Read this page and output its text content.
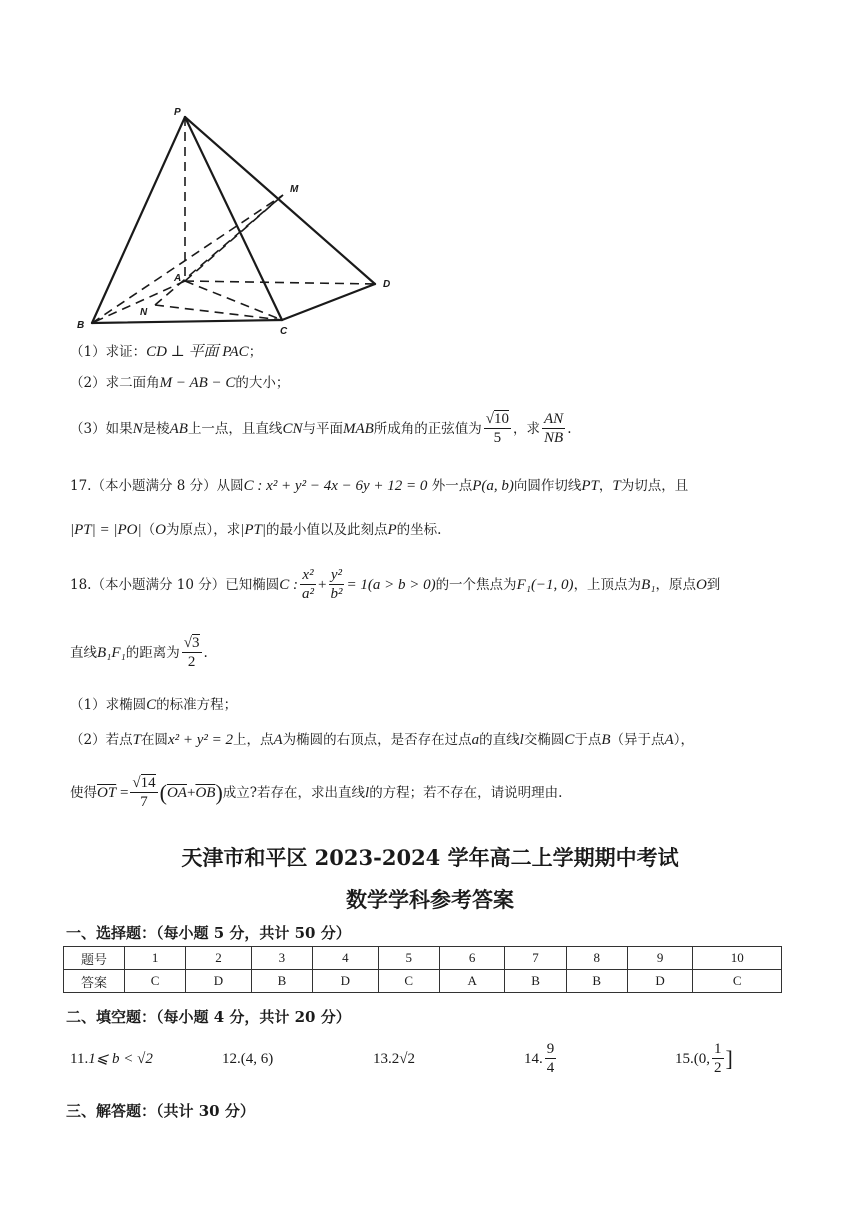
P
M
A
D
B
N
C
（1）求证：CD ⊥ 平面 PAC；
（2）求二面角M − AB − C的大小；
（3）如果 N 是棱 AB 上一点，且直线 CN 与平面 MAB 所成角的正弦值为 $\frac{√10}{5}$ ，求 $\frac{AN}{NB}$ .
17.（本小题满分 8 分）从圆C : x² + y² − 4x − 6y + 12 = 0 外一点P(a, b)向圆作切线PT，T为切点，且
|PT| = |PO|（O为原点），求|PT|的最小值以及此刻点P的坐标.
18.（本小题满分 10 分）已知椭圆 C : $\frac{\text{x²}}{\text{a²}} + \frac{\text{y²}}{\text{b²}} = 1(a > b > 0)$ 的一个焦点为 F₁(−1, 0) ，上顶点为 B₁ ，原点 O 到
直线 B₁F₁ 的距离为 $\frac{√3}{2}$ .
（1）求椭圆C的标准方程；
（2）若点T在圆x² + y² = 2上，点A为椭圆的右顶点，是否存在过点a的直线l交椭圆C于点B（异于点A），
使得 $\overline{OT} = \frac{√14}{7}$ ( $\overline{OA} + \overline{OB}$ ) 成立?若存在，求出直线 l 的方程；若不存在，请说明理由.
天津市和平区 2023-2024 学年高二上学期期中考试
数学学科参考答案
一、选择题：（每小题 5 分，共计 50 分）
题号	1	2	3	4	5	6	7	8	9	10
答案	C	D	B	D	C	A	B	B	D	C
二、填空题：（每小题 4 分，共计 20 分）
11.1⩽ b < √2	12.(4, 6)	13.2√2	14. $\frac{9}{4}$	15. (0, $\frac{1}{2}$ ]
三、解答题：（共计 30 分）
